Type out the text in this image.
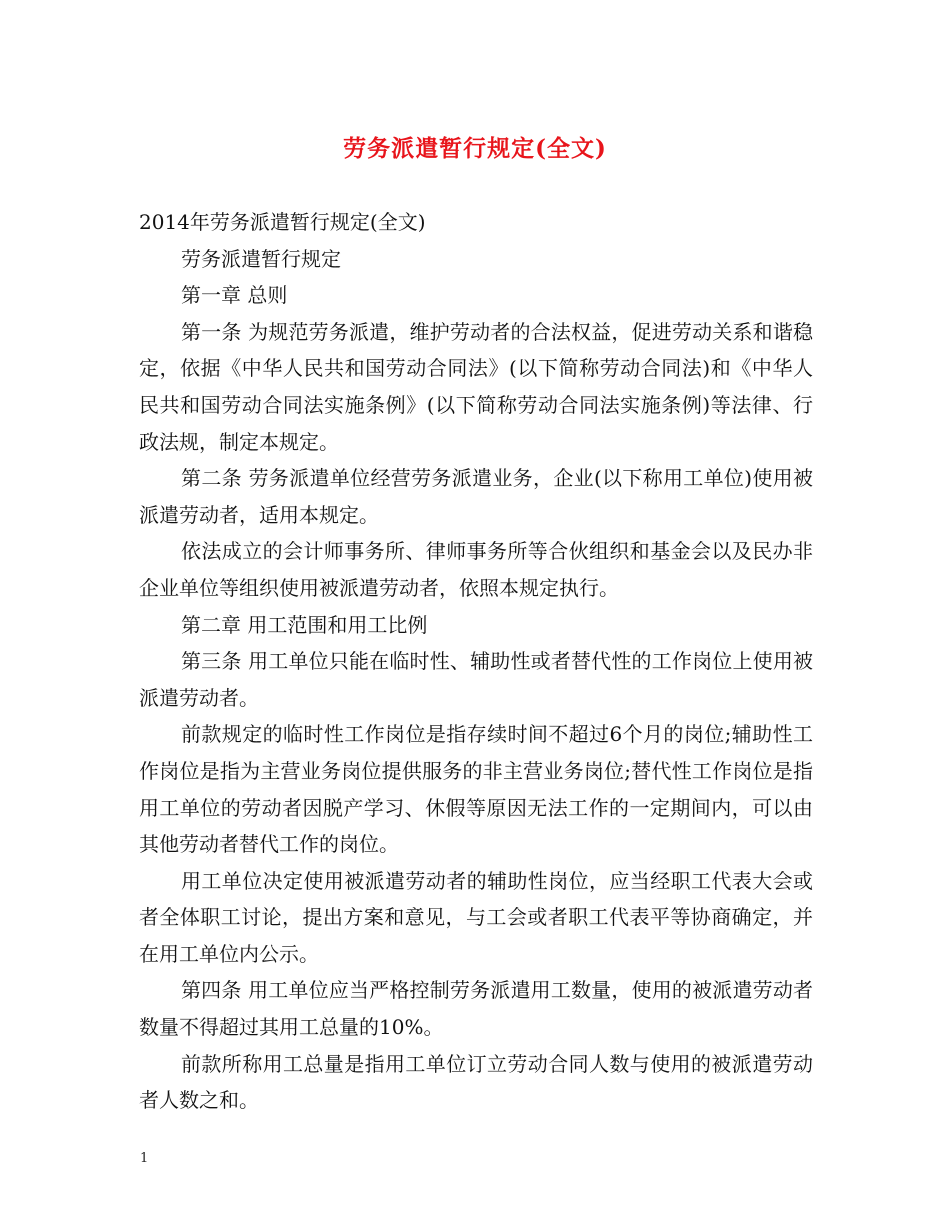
劳务派遣暂行规定(全文)

2014年劳务派遣暂行规定(全文)

劳务派遣暂行规定

第一章 总则

第一条 为规范劳务派遣，维护劳动者的合法权益，促进劳动关系和谐稳定，依据《中华人民共和国劳动合同法》(以下简称劳动合同法)和《中华人民共和国劳动合同法实施条例》(以下简称劳动合同法实施条例)等法律、行政法规，制定本规定。

第二条 劳务派遣单位经营劳务派遣业务，企业(以下称用工单位)使用被派遣劳动者，适用本规定。

依法成立的会计师事务所、律师事务所等合伙组织和基金会以及民办非企业单位等组织使用被派遣劳动者，依照本规定执行。

第二章 用工范围和用工比例

第三条 用工单位只能在临时性、辅助性或者替代性的工作岗位上使用被派遣劳动者。

前款规定的临时性工作岗位是指存续时间不超过6个月的岗位;辅助性工作岗位是指为主营业务岗位提供服务的非主营业务岗位;替代性工作岗位是指用工单位的劳动者因脱产学习、休假等原因无法工作的一定期间内，可以由其他劳动者替代工作的岗位。

用工单位决定使用被派遣劳动者的辅助性岗位，应当经职工代表大会或者全体职工讨论，提出方案和意见，与工会或者职工代表平等协商确定，并在用工单位内公示。

第四条 用工单位应当严格控制劳务派遣用工数量，使用的被派遣劳动者数量不得超过其用工总量的10%。

前款所称用工总量是指用工单位订立劳动合同人数与使用的被派遣劳动者人数之和。

1
